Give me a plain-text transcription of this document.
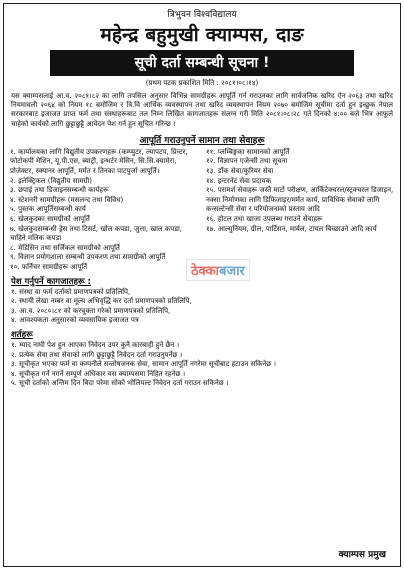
त्रिभुवन विश्वविद्यालय
महेन्द्र बहुमुखी क्याम्पस, दाङ
सूची दर्ता सम्बन्धी सूचना !
(प्रथम पटक प्रकाशित मिति : २०८१।०८।१४)
यस क्याम्पसलाई आ.व. २०८१।८२ का लागि तपसिल अनुसार विभिन्न सामग्रीहरू आपूर्ति गर्न गराउनका लागि सार्वजनिक खरिद ऐन २०६३ तथा खरिद नियमावली २०६४ को नियम १८ बमोजिम र त्रि.वि आर्थिक व्यवस्थापन तथा खरिद व्यवस्थापन नियम २०७० बमोजिम सूचीमा दर्ता हुन इच्छुक नेपाल सरकारबाट इजाजत प्राप्त फर्म तथा संस्थाहरूबाट तल निम्न लिखित कागजातहरू संलग्न गरी मिति २०८१।०८।२८ गते दिनको ४:०० बजे भित्र आफूले चाहेको कार्यको लागि छुट्टाछुट्टै आवेदन पेश गर्न हुन सूचित गरिन्छ ।
आपूर्ति गराउनुपर्ने सामान तथा सेवाहरू
१. कार्यालयका लागि विद्युतीय उपकरणहरू (कम्प्युटर, ल्यापटप, प्रिन्टर, फोटोकपी मेशिन, यू.पी.एस, ब्याट्री, इन्भर्टर मेसिन, सि.सि.क्यामेरा, प्रोजेक्टर, स्क्यानर आपूर्ति, मर्मत र तिनका पाटपुर्जा आपूर्ति।
२. इलेक्ट्रिकल (विद्युतीय सामग्री)
३. छपाई तथा डिजाइनसम्बन्धी कार्यहरू
४. स्टेशनरी सामग्रीहरू (मसलन्द तथा विविध)
५. पुस्तक आपूर्तिसम्बन्धी कार्य
६. खेलकुदका सामग्रीको आपूर्ति
७. खेलकुदसम्बन्धी ड्रेस तथा टिसर्ट, खोल कपडा, जुत्ता, खाल कपडा, चाहिने मलिक कपडा
८. मेडिसिन तथा सर्जिकल सामग्रीको आपूर्ति
९. विज्ञान प्रयोगशाला सम्बन्धी उपकरण तथा सामग्रीको आपूर्ति
१०. फर्निचर सामग्रीहरू आपूर्ति
११. प्लम्बिङ्गका सामानको आपूर्ति
१२. विज्ञापन एजेन्सी तथा सूचना
१३. डाँक सेवा/कुरियर सेवा
१४. इन्टरनेट सेवा प्रदायक
१५. परामर्श सेवाहरू जस्तै माटो परीक्षण, आर्किटेक्चरल/स्ट्रक्चरल डिजाइन, नक्सा निर्माणका लागि डिफिजाइर/मर्मत कार्य, प्राविधिक सेवाको लागि कन्सल्टेन्सी सेवा र परियोजनाको प्रस्ताव आदि
१६. होटल तथा खाजा उपलब्ध गराउने सेवाहरू
१७. आल्मुनियम, ग्रील, पार्टिसन, मार्बल, टायल बिच्छाउने आदि कार्य
पेश गर्नुपर्ने कागजातहरू :
१. संस्था वा फर्म दर्ताको प्रमाणपत्रको प्रतिलिपि,
२. स्थायी लेखा नम्बर वा मूल्य अभिवृद्धि कर दर्ता प्रमाणपत्रको प्रतिलिपि,
३. आ.व. २०८०।८१ को करचुक्ता गरेको प्रमाणपत्रको प्रतिलिपि,
४. आवश्यकता अनुसारको व्यवसायिक इजाजत पत्र
शर्तहरू
१. म्याद नाघी पेश हुन आएका निवेदन उपर कुनै कारबाही हुने छैन ।
२. प्रत्येक सेवा तथा सेवाको लागि छुट्टाछुट्टै निवेदन दर्ता गराउनुपर्नेछ ।
३. सूचीकृत भएका फर्म वा कम्पनीले सन्तोषजनक सेवा, सामान आपूर्ति नगरेमा सूचीबाट हटाउन सकिनेछ ।
४. सूचीकृत गर्ने नगर्ने सम्पूर्ण अधिकार यस क्याम्पसमा निहित रहनेछ ।
५. सूची दर्ताको अन्तिम दिन बिदा परेमा सोको भोलिपल्ट निवेदन दर्ता गराउन सकिनेछ ।
क्याम्पस प्रमुख
ठेक्काबजार
